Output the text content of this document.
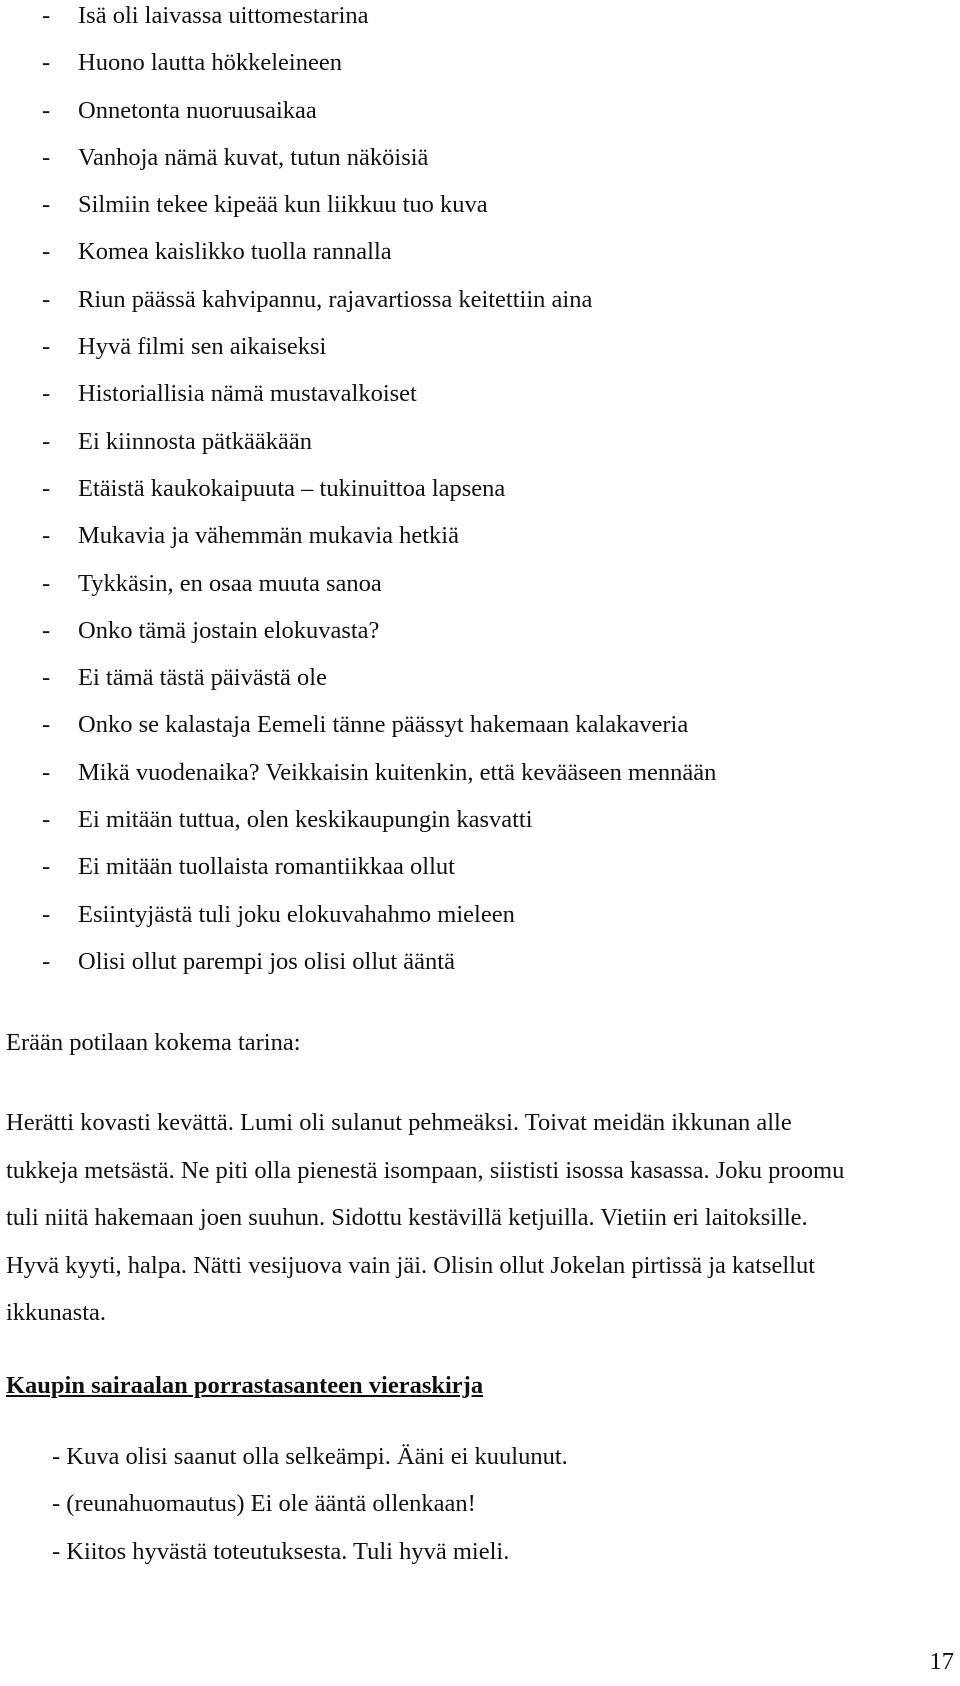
- Isä oli laivassa uittomestarina
- Huono lautta hökkeleineen
- Onnetonta nuoruusaikaa
- Vanhoja nämä kuvat, tutun näköisiä
- Silmiin tekee kipeää kun liikkuu tuo kuva
- Komea kaislikko tuolla rannalla
- Riun päässä kahvipannu, rajavartiossa keitettiin aina
- Hyvä filmi sen aikaiseksi
- Historiallisia nämä mustavalkoiset
- Ei kiinnosta pätkääkään
- Etäistä kaukokaipuuta – tukinuittoa lapsena
- Mukavia ja vähemmän mukavia hetkiä
- Tykkäsin, en osaa muuta sanoa
- Onko tämä jostain elokuvasta?
- Ei tämä tästä päivästä ole
- Onko se kalastaja Eemeli tänne päässyt hakemaan kalakaveria
- Mikä vuodenaika? Veikkaisin kuitenkin, että kevääseen mennään
- Ei mitään tuttua, olen keskikaupungin kasvatti
- Ei mitään tuollaista romantiikkaa ollut
- Esiintyjästä tuli joku elokuvahahmo mieleen
- Olisi ollut parempi jos olisi ollut ääntä

Erään potilaan kokema tarina:

Herätti kovasti kevättä. Lumi oli sulanut pehmeäksi. Toivat meidän ikkunan alle
tukkeja metsästä. Ne piti olla pienestä isompaan, siististi isossa kasassa. Joku proomu
tuli niitä hakemaan joen suuhun. Sidottu kestävillä ketjuilla. Vietiin eri laitoksille.
Hyvä kyyti, halpa. Nätti vesijuova vain jäi. Olisin ollut Jokelan pirtissä ja katsellut
ikkunasta.

Kaupin sairaalan porrastasanteen vieraskirja
- Kuva olisi saanut olla selkeämpi. Ääni ei kuulunut.
- (reunahuomautus) Ei ole ääntä ollenkaan!
- Kiitos hyvästä toteutuksesta. Tuli hyvä mieli.
17
